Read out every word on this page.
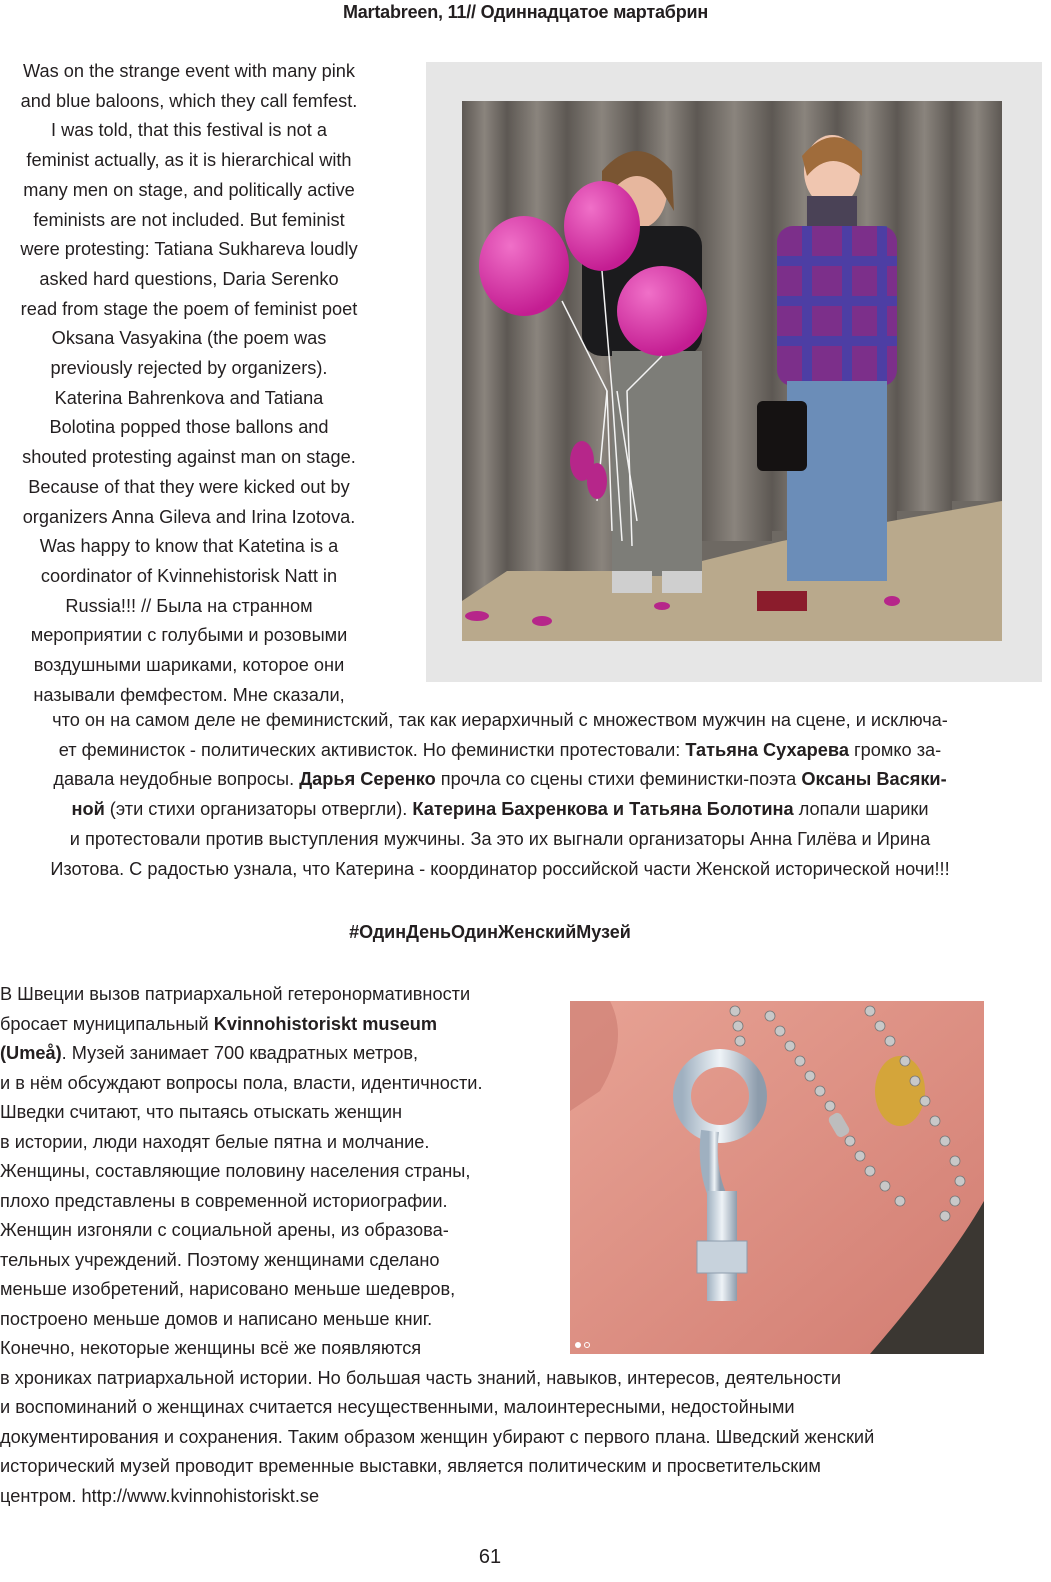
Martabreen, 11// Одиннадцатое мартабрин
Was on the strange event with many pink
and blue baloons, which they call femfest.
I was told, that this festival is not a
feminist actually, as it is hierarchical with
many men on stage, and politically active
feminists are not included. But feminist
were protesting: Tatiana Sukhareva loudly
asked hard questions, Daria Serenko
read from stage the poem of feminist poet
Oksana Vasyakina (the poem was
previously rejected by organizers).
Katerina Bahrenkova and Tatiana
Bolotina popped those ballons and
shouted protesting against man on stage.
Because of that they were kicked out by
organizers Anna Gileva and Irina Izotova.
Was happy to know that Katetina is a
coordinator of Kvinnehistorisk Natt in
Russia!!! // Была на странном
мероприятии с голубыми и розовыми
воздушными шариками, которое они
называли фемфестом. Мне сказали,
что он на самом деле не феминистский, так как иерархичный с множеством мужчин на сцене, и исключа-
ет феминисток - политических активисток. Но феминистки протестовали: Татьяна Сухарева громко за-
давала неудобные вопросы. Дарья Серенко прочла со сцены стихи феминистки-поэта Оксаны Васяки-
ной (эти стихи организаторы отвергли). Катерина Бахренкова и Татьяна Болотина лопали шарики
и протестовали против выступления мужчины. За это их выгнали организаторы Анна Гилёва и Ирина
Изотова. С радостью узнала, что Катерина - координатор российской части Женской исторической ночи!!!
#ОдинДеньОдинЖенскийМузей
В Швеции вызов патриархальной гетеронормативности
бросает муниципальный Kvinnohistoriskt museum
(Umeå). Музей занимает 700 квадратных метров,
и в нём обсуждают вопросы пола, власти, идентичности.
Шведки считают, что пытаясь отыскать женщин
в истории, люди находят белые пятна и молчание.
Женщины, составляющие половину населения страны,
плохо представлены в современной историографии.
Женщин изгоняли с социальной арены, из образова-
тельных учреждений. Поэтому женщинами сделано
меньше изобретений, нарисовано меньше шедевров,
построено меньше домов и написано меньше книг.
Конечно, некоторые женщины всё же появляются
в хрониках патриархальной истории. Но большая часть знаний, навыков, интересов, деятельности
и воспоминаний о женщинах считается несущественными, малоинтересными, недостойными
документирования и сохранения. Таким образом женщин убирают с первого плана. Шведский женский
исторический музей проводит временные выставки, является политическим и просветительским
центром. http://www.kvinnohistoriskt.se
61
